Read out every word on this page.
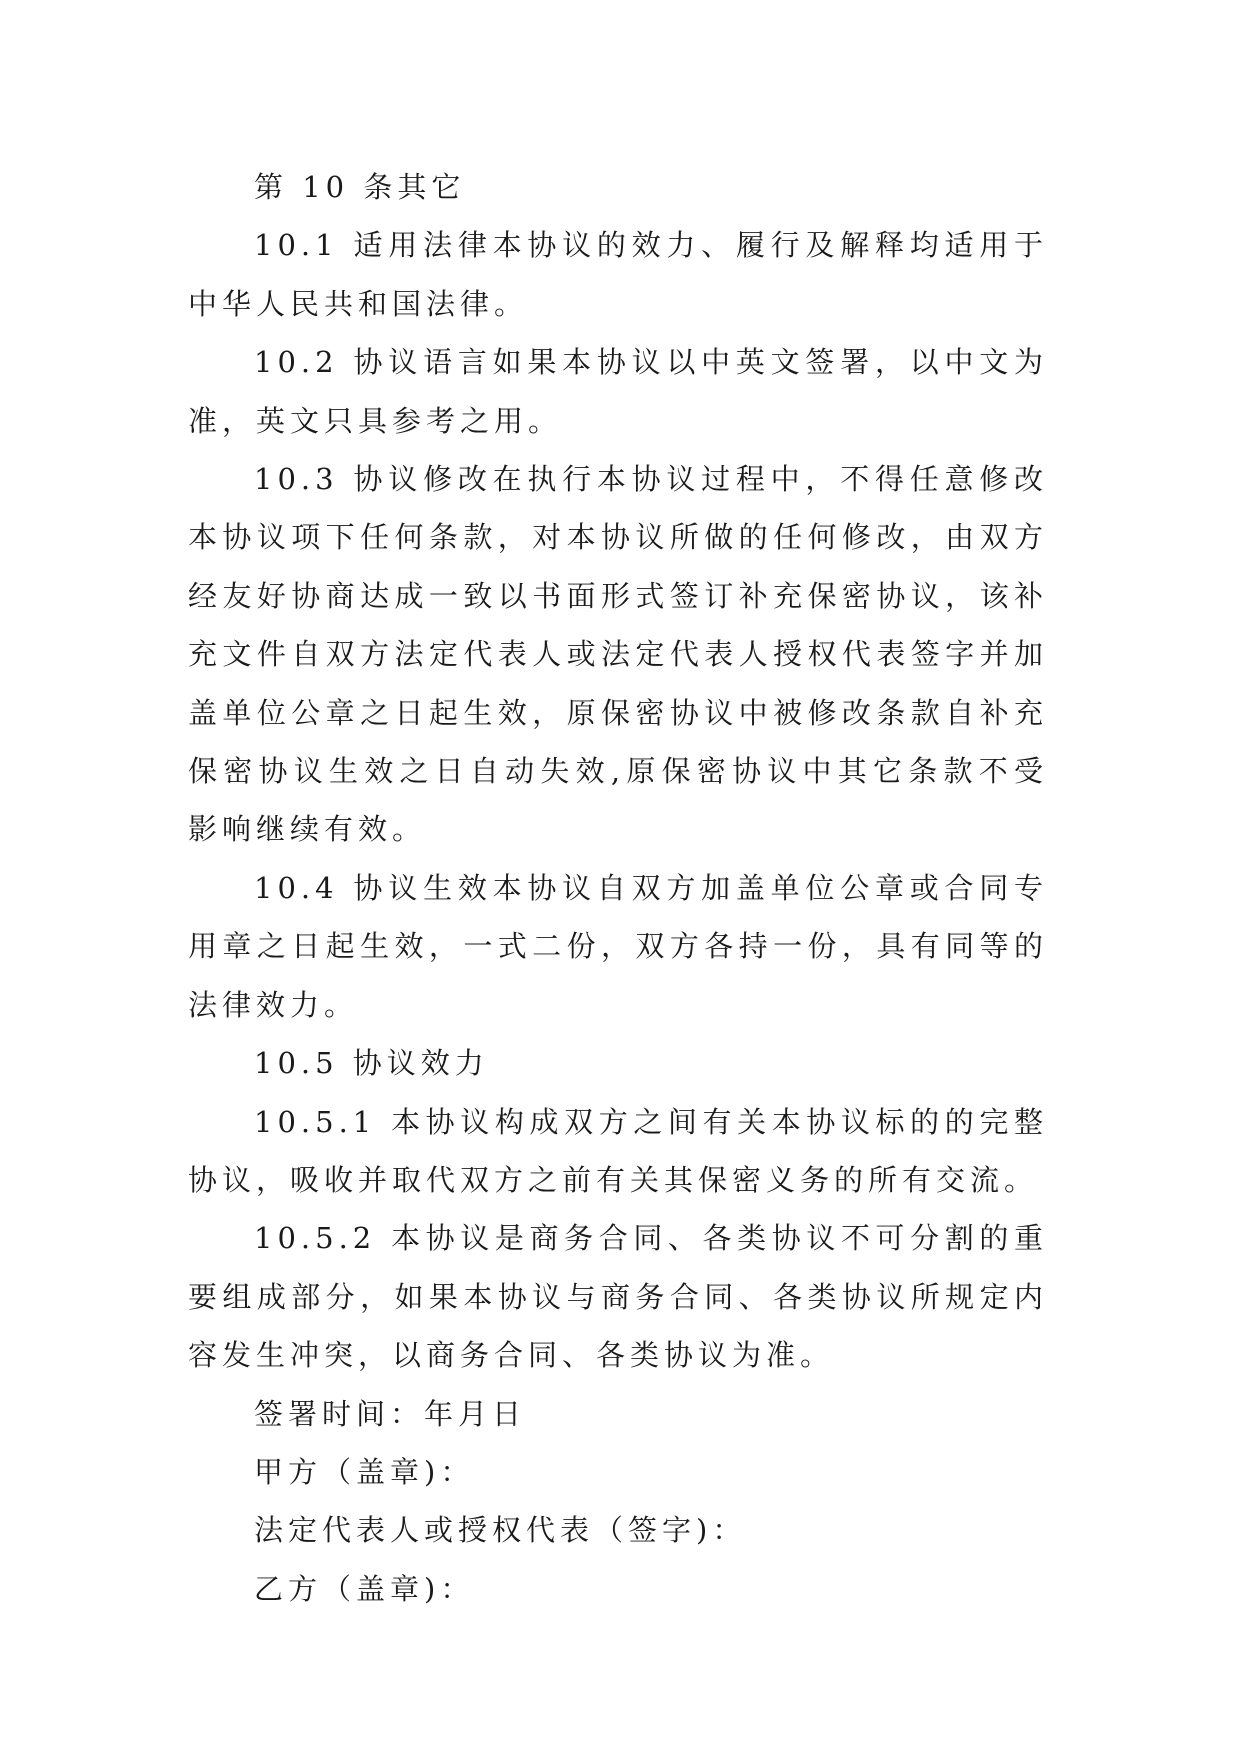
第 10 条其它

10.1 适用法律本协议的效力、履行及解释均适用于中华人民共和国法律。

10.2 协议语言如果本协议以中英文签署，以中文为准，英文只具参考之用。

10.3 协议修改在执行本协议过程中，不得任意修改本协议项下任何条款，对本协议所做的任何修改，由双方经友好协商达成一致以书面形式签订补充保密协议，该补充文件自双方法定代表人或法定代表人授权代表签字并加盖单位公章之日起生效，原保密协议中被修改条款自补充保密协议生效之日自动失效,原保密协议中其它条款不受影响继续有效。

10.4 协议生效本协议自双方加盖单位公章或合同专用章之日起生效，一式二份，双方各持一份，具有同等的法律效力。

10.5 协议效力

10.5.1 本协议构成双方之间有关本协议标的的完整协议，吸收并取代双方之前有关其保密义务的所有交流。

10.5.2 本协议是商务合同、各类协议不可分割的重要组成部分，如果本协议与商务合同、各类协议所规定内容发生冲突，以商务合同、各类协议为准。

签署时间：年月日

甲方（盖章)：

法定代表人或授权代表（签字)：

乙方（盖章)：
